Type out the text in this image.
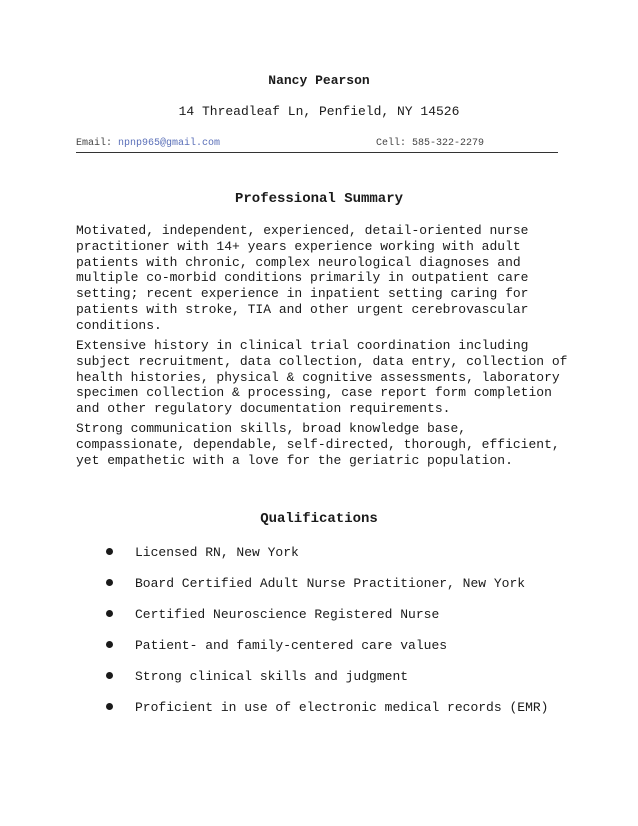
Nancy Pearson
14 Threadleaf Ln, Penfield, NY 14526
Email: npnp965@gmail.com	Cell: 585-322-2279
Professional Summary

Motivated, independent, experienced, detail-oriented nurse
practitioner with 14+ years experience working with adult
patients with chronic, complex neurological diagnoses and
multiple co-morbid conditions primarily in outpatient care
setting; recent experience in inpatient setting caring for
patients with stroke, TIA and other urgent cerebrovascular
conditions.

Extensive history in clinical trial coordination including
subject recruitment, data collection, data entry, collection of
health histories, physical & cognitive assessments, laboratory
specimen collection & processing, case report form completion
and other regulatory documentation requirements.

Strong communication skills, broad knowledge base,
compassionate, dependable, self-directed, thorough, efficient,
yet empathetic with a love for the geriatric population.

Qualifications
Licensed RN, New York
Board Certified Adult Nurse Practitioner, New York
Certified Neuroscience Registered Nurse
Patient- and family-centered care values
Strong clinical skills and judgment
Proficient in use of electronic medical records (EMR)
